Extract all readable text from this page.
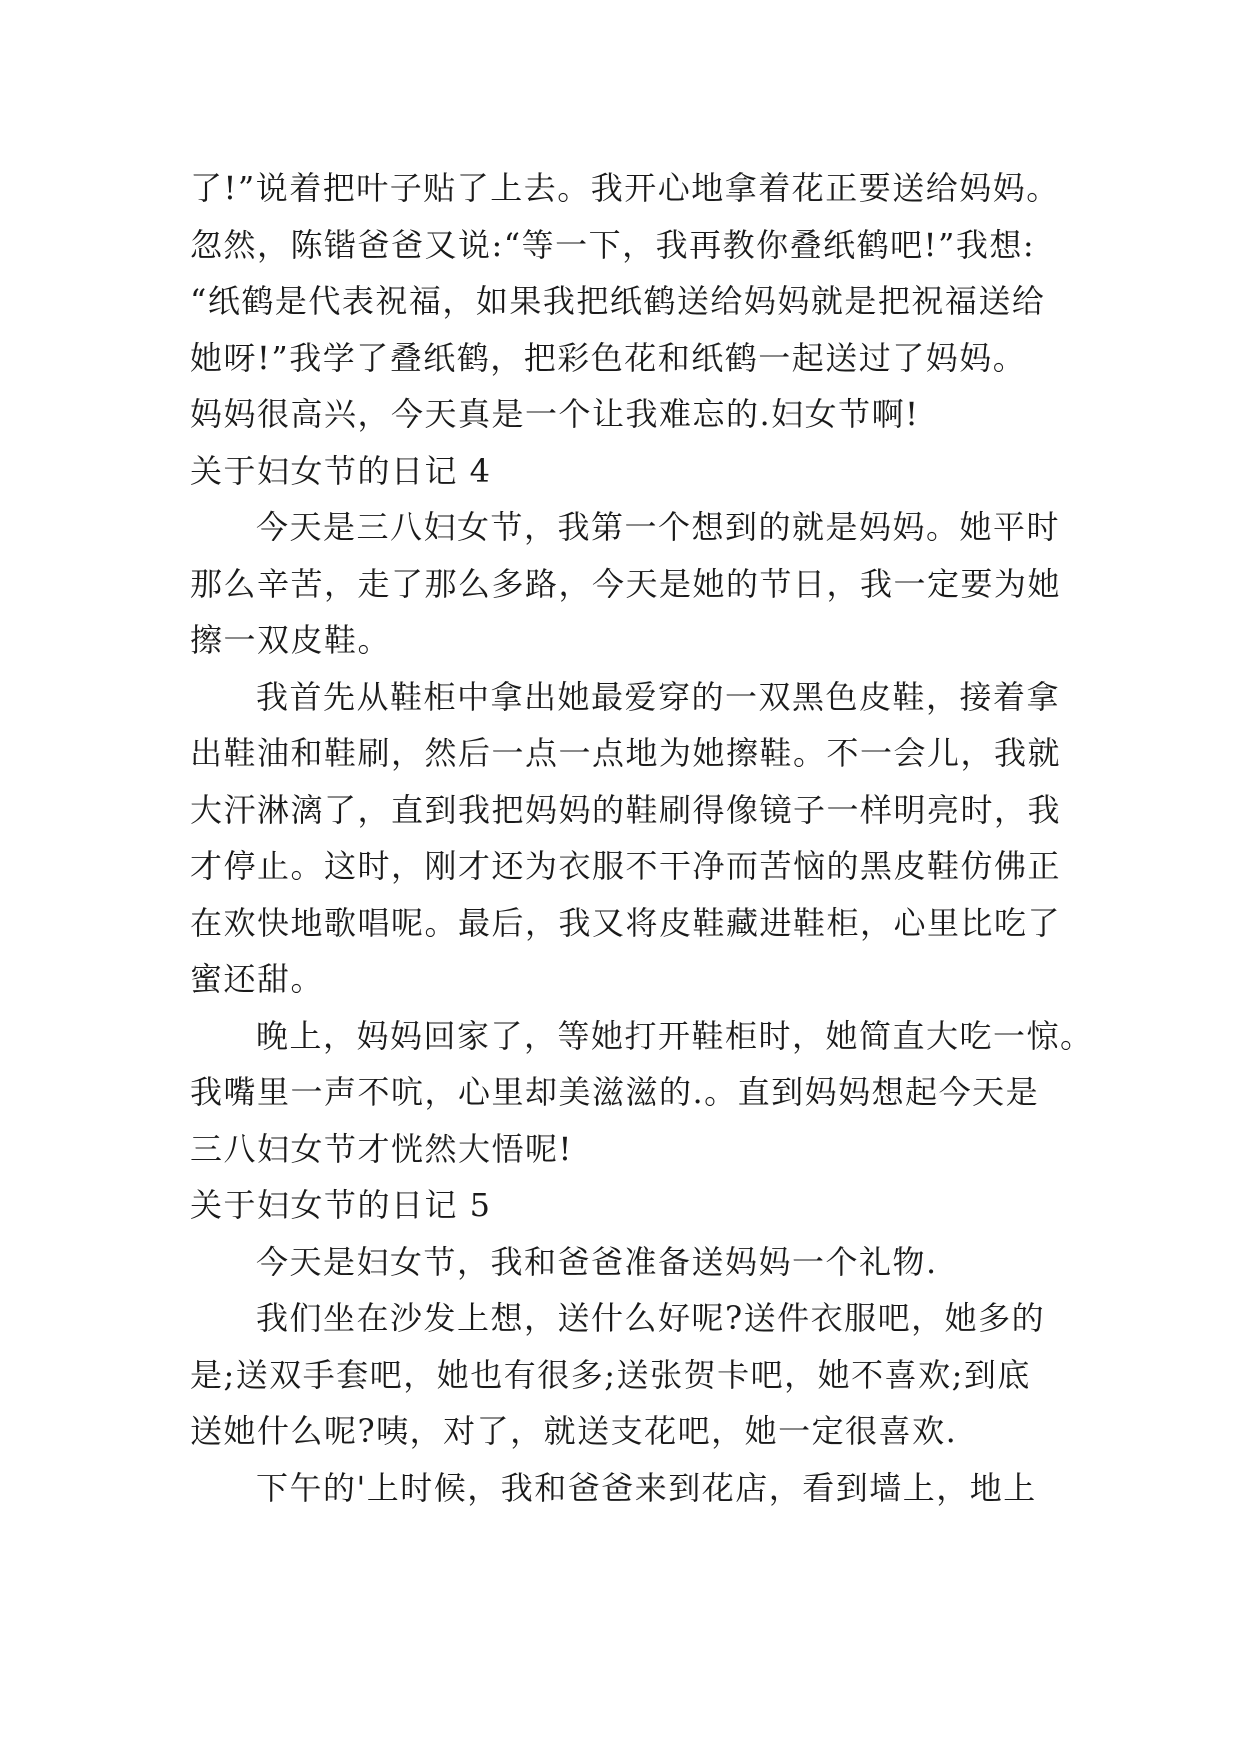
了!”说着把叶子贴了上去。我开心地拿着花正要送给妈妈。
忽然，陈锴爸爸又说:“等一下，我再教你叠纸鹤吧!”我想:
“纸鹤是代表祝福，如果我把纸鹤送给妈妈就是把祝福送给
她呀!”我学了叠纸鹤，把彩色花和纸鹤一起送过了妈妈。
妈妈很高兴，今天真是一个让我难忘的.妇女节啊!
关于妇女节的日记 4
今天是三八妇女节，我第一个想到的就是妈妈。她平时
那么辛苦，走了那么多路，今天是她的节日，我一定要为她
擦一双皮鞋。
我首先从鞋柜中拿出她最爱穿的一双黑色皮鞋，接着拿
出鞋油和鞋刷，然后一点一点地为她擦鞋。不一会儿，我就
大汗淋漓了，直到我把妈妈的鞋刷得像镜子一样明亮时，我
才停止。这时，刚才还为衣服不干净而苦恼的黑皮鞋仿佛正
在欢快地歌唱呢。最后，我又将皮鞋藏进鞋柜，心里比吃了
蜜还甜。
晚上，妈妈回家了，等她打开鞋柜时，她简直大吃一惊。
我嘴里一声不吭，心里却美滋滋的.。直到妈妈想起今天是
三八妇女节才恍然大悟呢!
关于妇女节的日记 5
今天是妇女节，我和爸爸准备送妈妈一个礼物.
我们坐在沙发上想，送什么好呢?送件衣服吧，她多的
是;送双手套吧，她也有很多;送张贺卡吧，她不喜欢;到底
送她什么呢?咦，对了，就送支花吧，她一定很喜欢.
下午的'上时候，我和爸爸来到花店，看到墙上，地上
